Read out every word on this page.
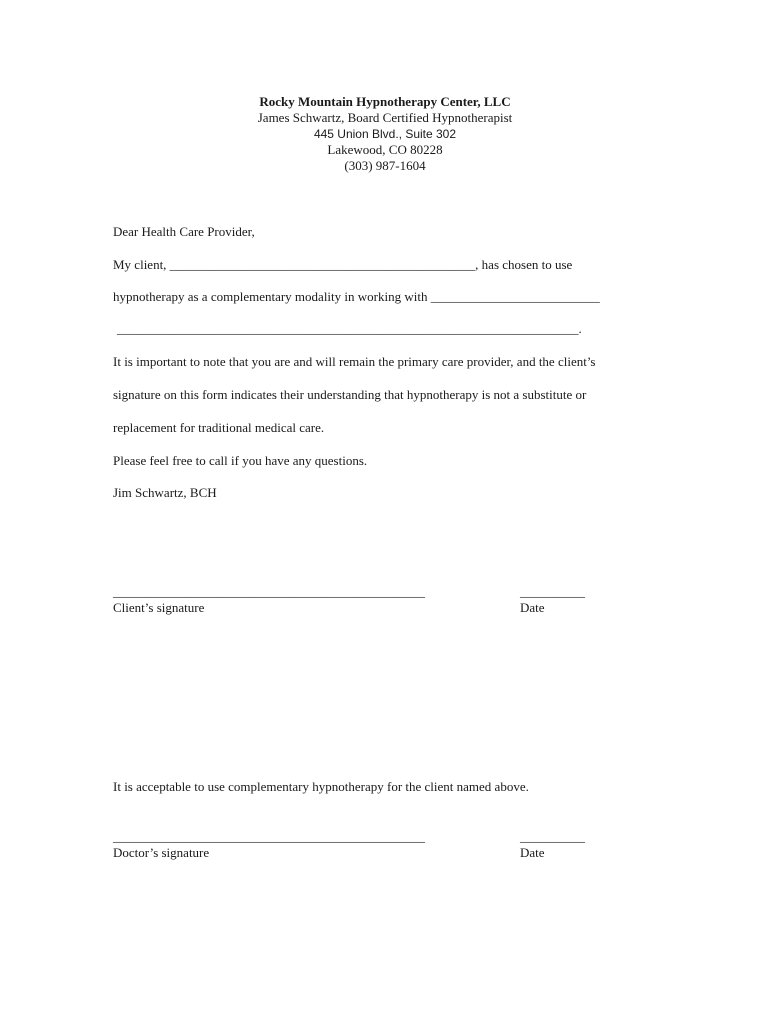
Rocky Mountain Hypnotherapy Center, LLC
James Schwartz, Board Certified Hypnotherapist
445 Union Blvd., Suite 302
Lakewood, CO 80228
(303) 987-1604
Dear Health Care Provider,
My client, _______________________________________________, has chosen to use
hypnotherapy as a complementary modality in working with __________________________
_______________________________________________________________________.
It is important to note that you are and will remain the primary care provider, and the client’s
signature on this form indicates their understanding that hypnotherapy is not a substitute or
replacement for traditional medical care.
Please feel free to call if you have any questions.
Jim Schwartz, BCH
________________________________________________	__________
Client’s signature	Date
It is acceptable to use complementary hypnotherapy for the client named above.
________________________________________________	__________
Doctor’s signature	Date
